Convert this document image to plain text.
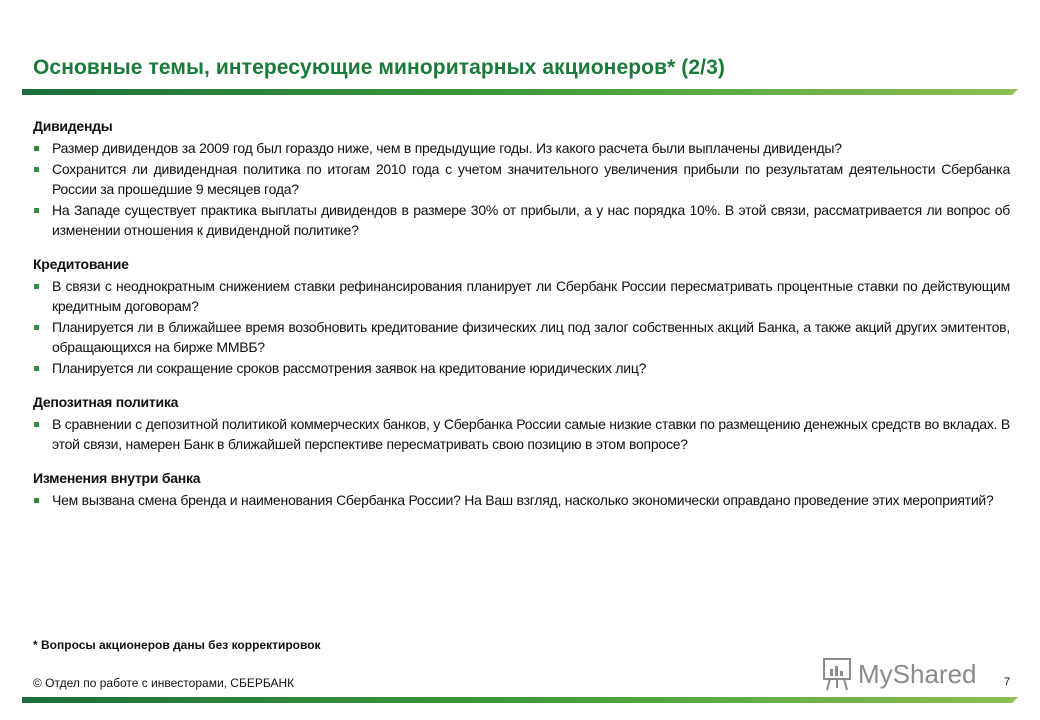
Основные темы, интересующие миноритарных акционеров* (2/3)
Дивиденды
Размер дивидендов за 2009 год был гораздо ниже, чем в предыдущие годы. Из какого расчета были выплачены дивиденды?
Сохранится ли дивидендная политика по итогам 2010 года с учетом значительного увеличения прибыли по результатам деятельности Сбербанка России за прошедшие 9 месяцев года?
На Западе существует практика выплаты дивидендов в размере 30% от прибыли, а у нас порядка 10%. В этой связи, рассматривается ли вопрос об изменении отношения к дивидендной политике?
Кредитование
В связи с неоднократным снижением ставки рефинансирования планирует ли Сбербанк России пересматривать процентные ставки по действующим кредитным договорам?
Планируется ли в ближайшее время возобновить кредитование физических лиц под залог собственных акций Банка, а также акций других эмитентов, обращающихся на бирже ММВБ?
Планируется ли сокращение сроков рассмотрения заявок на кредитование юридических лиц?
Депозитная политика
В сравнении с депозитной политикой коммерческих банков, у Сбербанка России самые низкие ставки по размещению денежных средств во вкладах. В этой связи, намерен Банк в ближайшей перспективе пересматривать свою позицию в этом вопросе?
Изменения внутри банка
Чем вызвана смена бренда и наименования Сбербанка России? На Ваш взгляд, насколько экономически оправдано проведение этих мероприятий?
* Вопросы акционеров даны без корректировок
© Отдел по работе с инвесторами, СБЕРБАНК	MyShared	7
